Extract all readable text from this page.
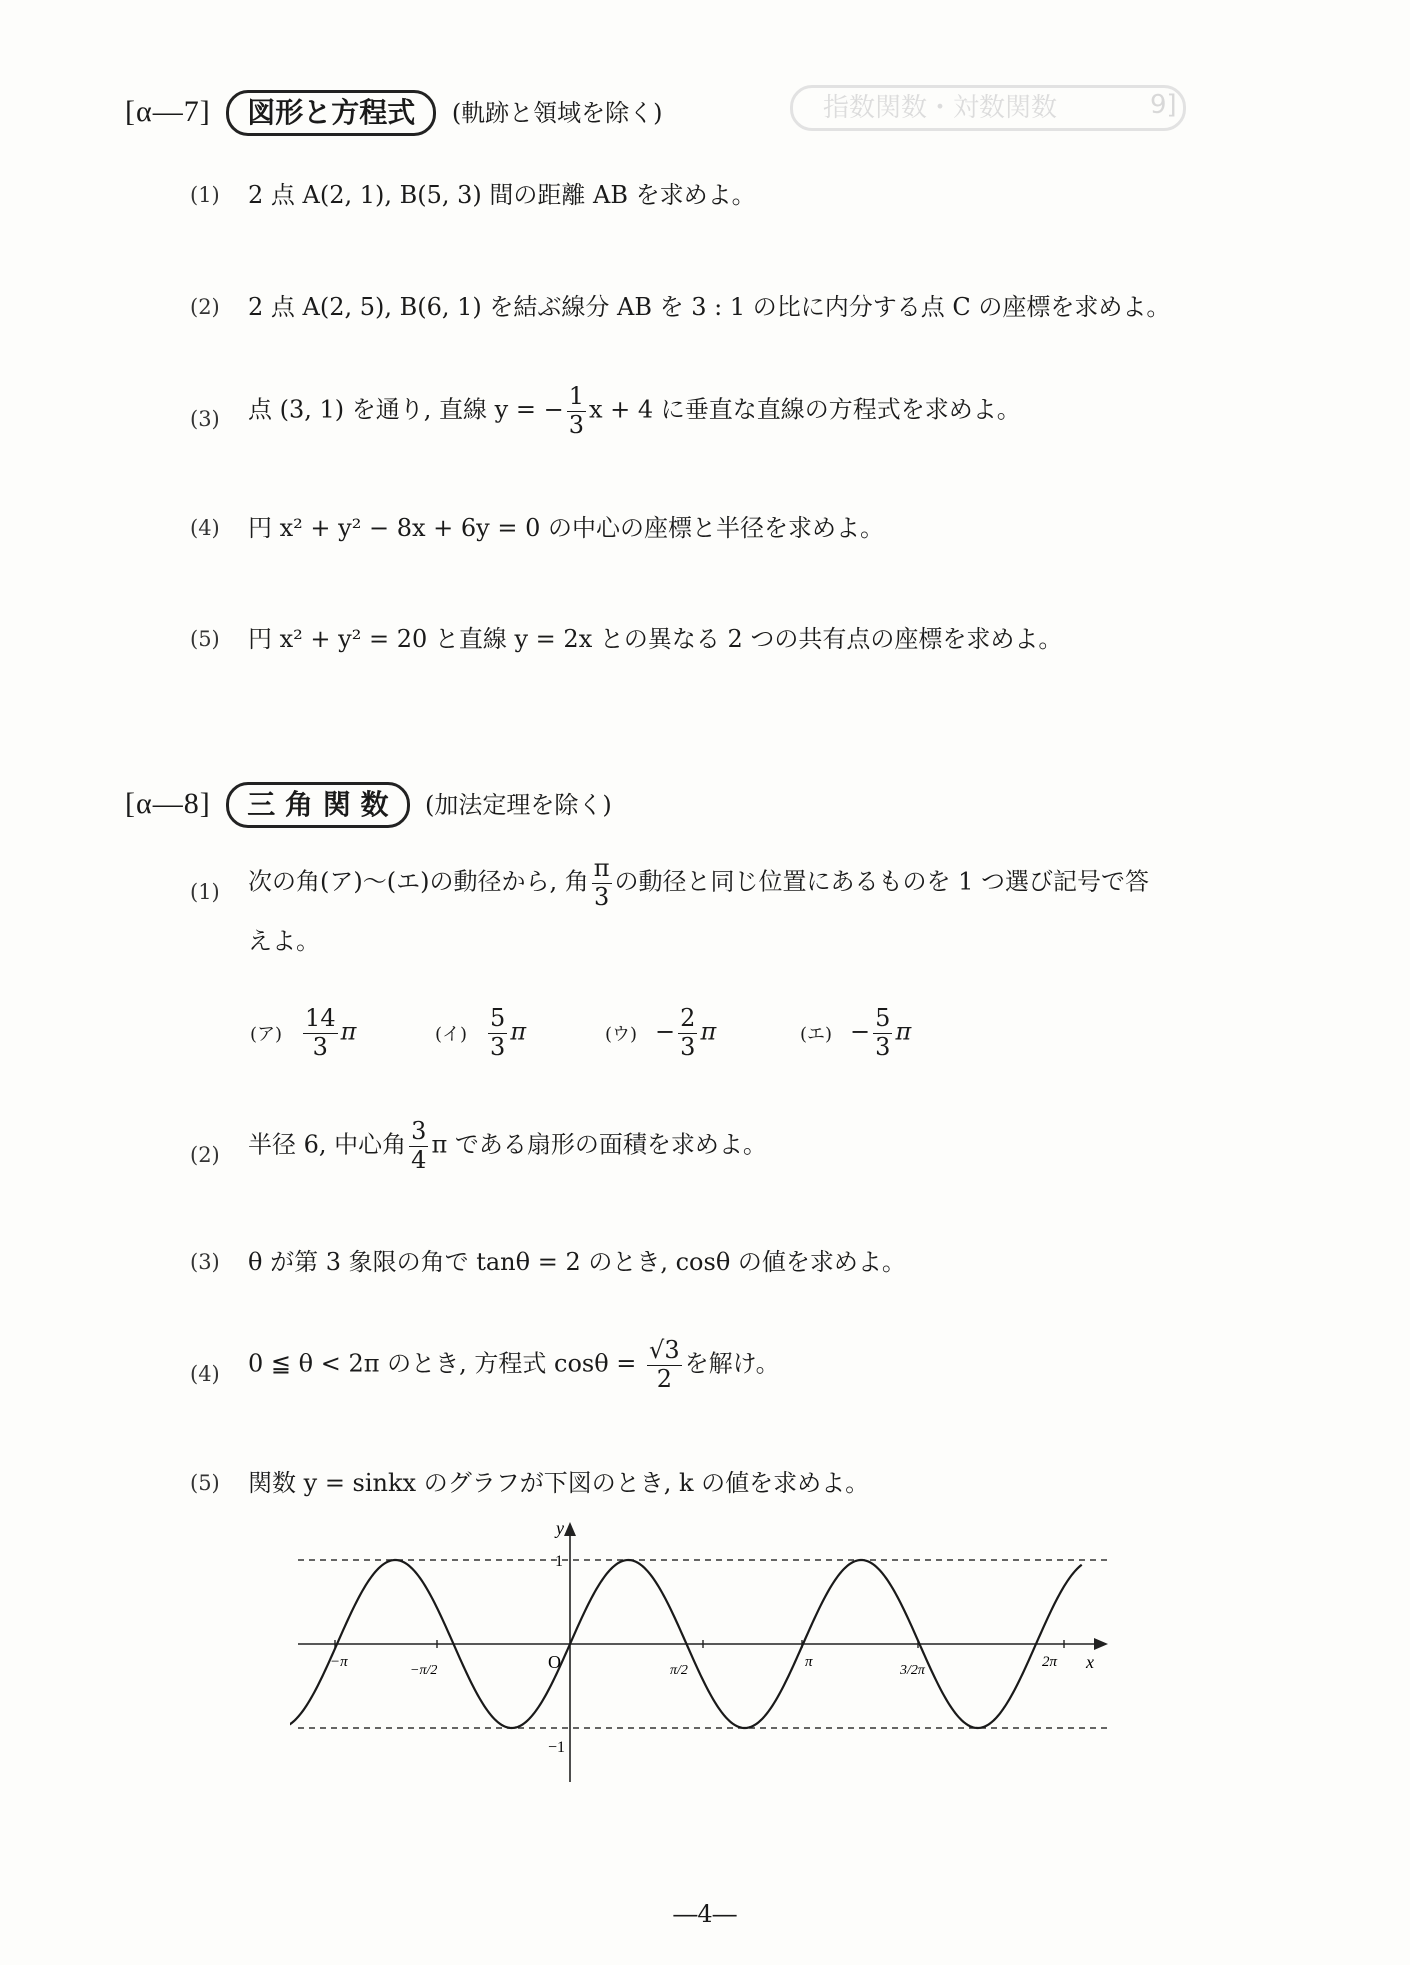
指数関数・対数関数	9]
[α―7] 図形と方程式 (軌跡と領域を除く)
(1) 2 点 A(2, 1), B(5, 3) 間の距離 AB を求めよ。
(2) 2 点 A(2, 5), B(6, 1) を結ぶ線分 AB を 3 : 1 の比に内分する点 C の座標を求めよ。
(3) 点 (3, 1) を通り, 直線 y = − $\frac{1}{3}$ x + 4 に垂直な直線の方程式を求めよ。
(4) 円 x² + y² − 8x + 6y = 0 の中心の座標と半径を求めよ。
(5) 円 x² + y² = 20 と直線 y = 2x との異なる 2 つの共有点の座標を求めよ。
[α―8] 三 角 関 数 (加法定理を除く)
(1) 次の角(ア)〜(エ)の動径から, 角 $\frac{\pi}{3}$ の動径と同じ位置にあるものを 1 つ選び記号で答
えよ。
(ア) $\frac{14}{3}$ π	(イ) $\frac{5}{3}$ π	(ウ) − $\frac{2}{3}$ π	(エ) − $\frac{5}{3}$ π
(2) 半径 6, 中心角 $\frac{3}{4}$ π である扇形の面積を求めよ。
(3) θ が第 3 象限の角で tanθ = 2 のとき, cosθ の値を求めよ。
(4) 0 ≦ θ < 2π のとき, 方程式 $\cos\theta = \frac{√3}{2}$ を解け。
(5) 関数 y = sinkx のグラフが下図のとき, k の値を求めよ。
y
x
O
1
−1
−π
−π/2	π/2
π
3/2π
2π
―4―
